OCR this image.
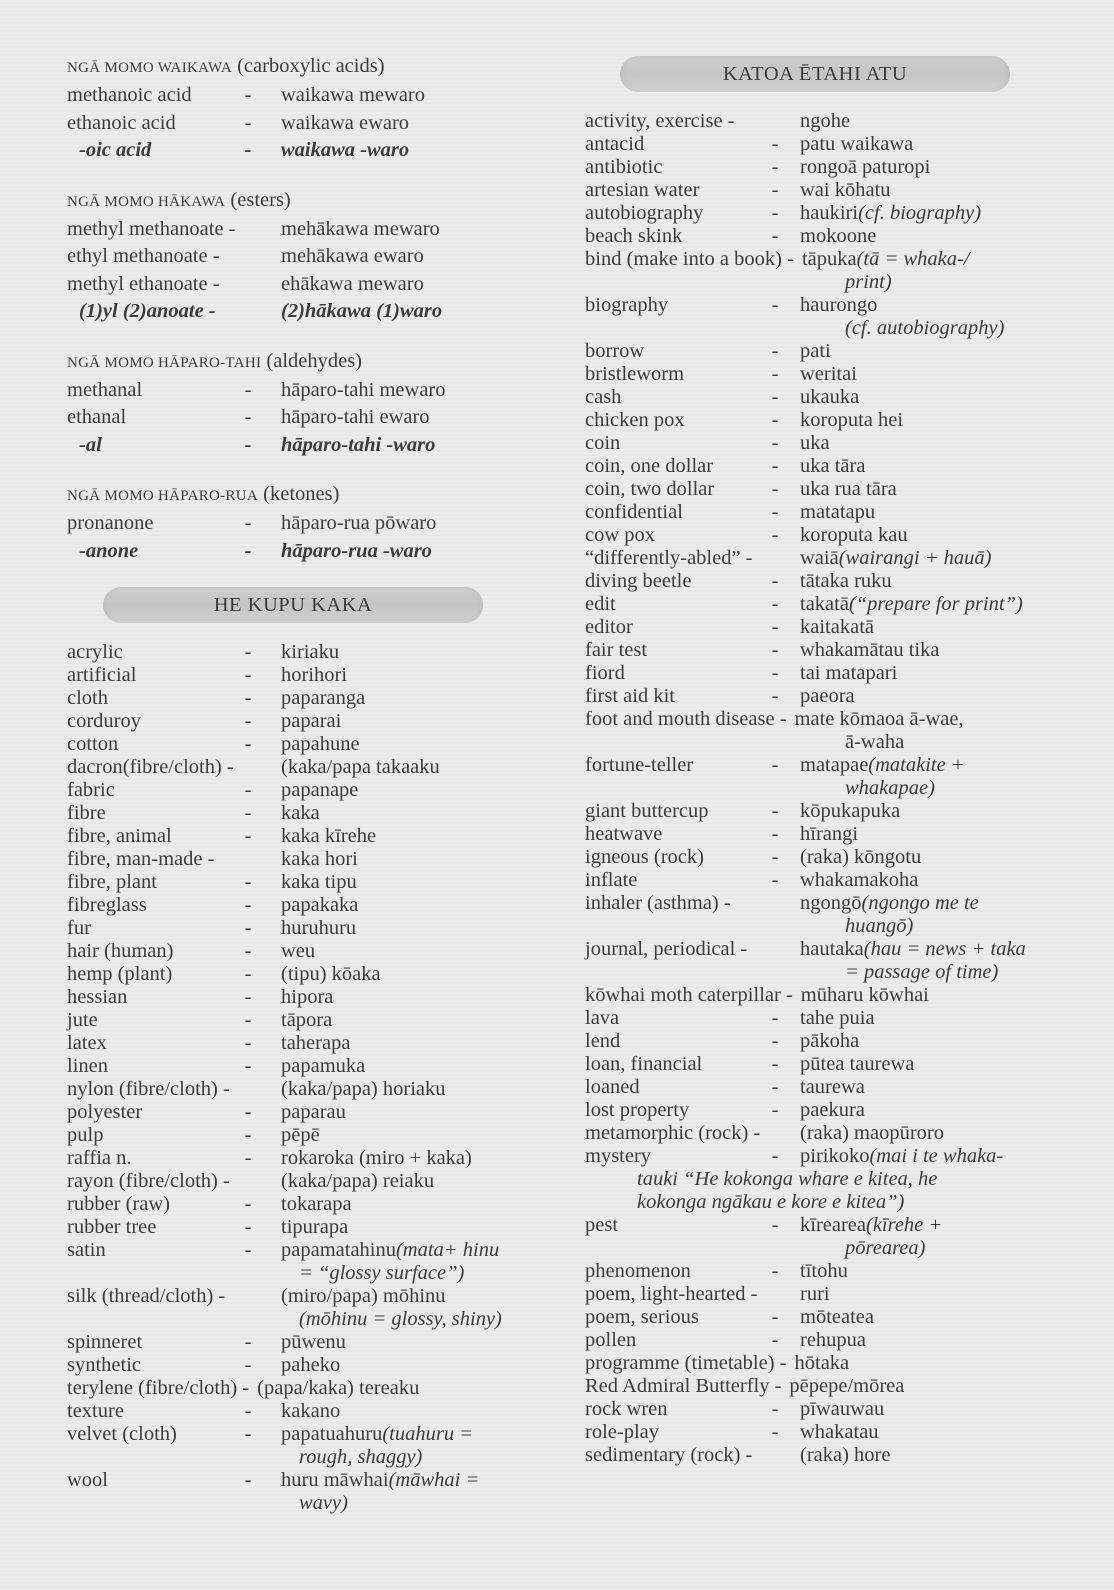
NGĀ MOMO WAIKAWA (carboxylic acids)
methanoic acid	-	waikawa mewaro
ethanoic acid	-	waikawa ewaro
-oic acid	-	waikawa -waro
NGĀ MOMO HĀKAWA (esters)
methyl methanoate - mehākawa mewaro
ethyl methanoate -	mehākawa ewaro
methyl ethanoate -	ehākawa mewaro
(1)yl (2)anoate -	(2)hākawa (1)waro
NGĀ MOMO HĀPARO-TAHI (aldehydes)
methanal	-	hāparo-tahi mewaro
ethanal	-	hāparo-tahi ewaro
-al	-	hāparo-tahi -waro
NGĀ MOMO HĀPARO-RUA (ketones)
pronanone	-	hāparo-rua pōwaro
-anone	-	hāparo-rua -waro
HE KUPU KAKA
acrylic	-	kiriaku
artificial	-	horihori
cloth	-	paparanga
corduroy	-	paparai
cotton	-	papahune
dacron(fibre/cloth) - (kaka/papa takaaku
fabric	-	papanape
fibre	-	kaka
fibre, animal	-	kaka kīrehe
fibre, man-made -	kaka hori
fibre, plant	-	kaka tipu
fibreglass	-	papakaka
fur	-	huruhuru
hair (human)	-	weu
hemp (plant)	-	(tipu) kōaka
hessian	-	hipora
jute	-	tāpora
latex	-	taherapa
linen	-	papamuka
nylon (fibre/cloth) - (kaka/papa) horiaku
polyester	-	paparau
pulp	-	pēpē
raffia n.	-	rokaroka (miro + kaka)
rayon (fibre/cloth) - (kaka/papa) reiaku
rubber (raw)	-	tokarapa
rubber tree	-	tipurapa
satin	-	papamatahinu (mata+ hinu
= “glossy surface”)
silk (thread/cloth) -	(miro/papa) mōhinu
(mōhinu = glossy, shiny)
spinneret	-	pūwenu
synthetic	-	paheko
terylene (fibre/cloth) - (papa/kaka) tereaku
texture	-	kakano
velvet (cloth)	-	papatuahuru (tuahuru =
rough, shaggy)
wool	-	huru māwhai (māwhai =
wavy)
KATOA ĒTAHI ATU
activity, exercise -	ngohe
antacid	-	patu waikawa
antibiotic	-	rongoā paturopi
artesian water	-	wai kōhatu
autobiography	-	haukiri (cf. biography)
beach skink	-	mokoone
bind (make into a book) - tāpuka (tā = whaka-/
print)
biography	-	haurongo
(cf. autobiography)
borrow	-	pati
bristleworm	-	weritai
cash	-	ukauka
chicken pox	-	koroputa hei
coin	-	uka
coin, one dollar	-	uka tāra
coin, two dollar	-	uka rua tāra
confidential	-	matatapu
cow pox	-	koroputa kau
“differently-abled” - waiā (wairangi + hauā)
diving beetle	-	tātaka ruku
edit	-	takatā (“prepare for print”)
editor	-	kaitakatā
fair test	-	whakamātau tika
fiord	-	tai matapari
first aid kit	-	paeora
foot and mouth disease - mate kōmaoa ā-wae,
ā-waha
fortune-teller	-	matapae (matakite +
whakapae)
giant buttercup	-	kōpukapuka
heatwave	-	hīrangi
igneous (rock)	-	(raka) kōngotu
inflate	-	whakamakoha
inhaler (asthma) -	ngongō (ngongo me te
huangō)
journal, periodical -	hautaka (hau = news + taka
= passage of time)
kōwhai moth caterpillar - mūharu kōwhai
lava	-	tahe puia
lend	-	pākoha
loan, financial	-	pūtea taurewa
loaned	-	taurewa
lost property	-	paekura
metamorphic (rock) - (raka) maopūroro
mystery	-	pirikoko (mai i te whaka-
tauki “He kokonga whare e kitea, he
kokonga ngākau e kore e kitea”)
pest	-	kīrearea (kīrehe +
pōrearea)
phenomenon	-	tītohu
poem, light-hearted - ruri
poem, serious	-	mōteatea
pollen	-	rehupua
programme (timetable) - hōtaka
Red Admiral Butterfly - pēpepe/mōrea
rock wren	-	pīwauwau
role-play	-	whakatau
sedimentary (rock) - (raka) hore
